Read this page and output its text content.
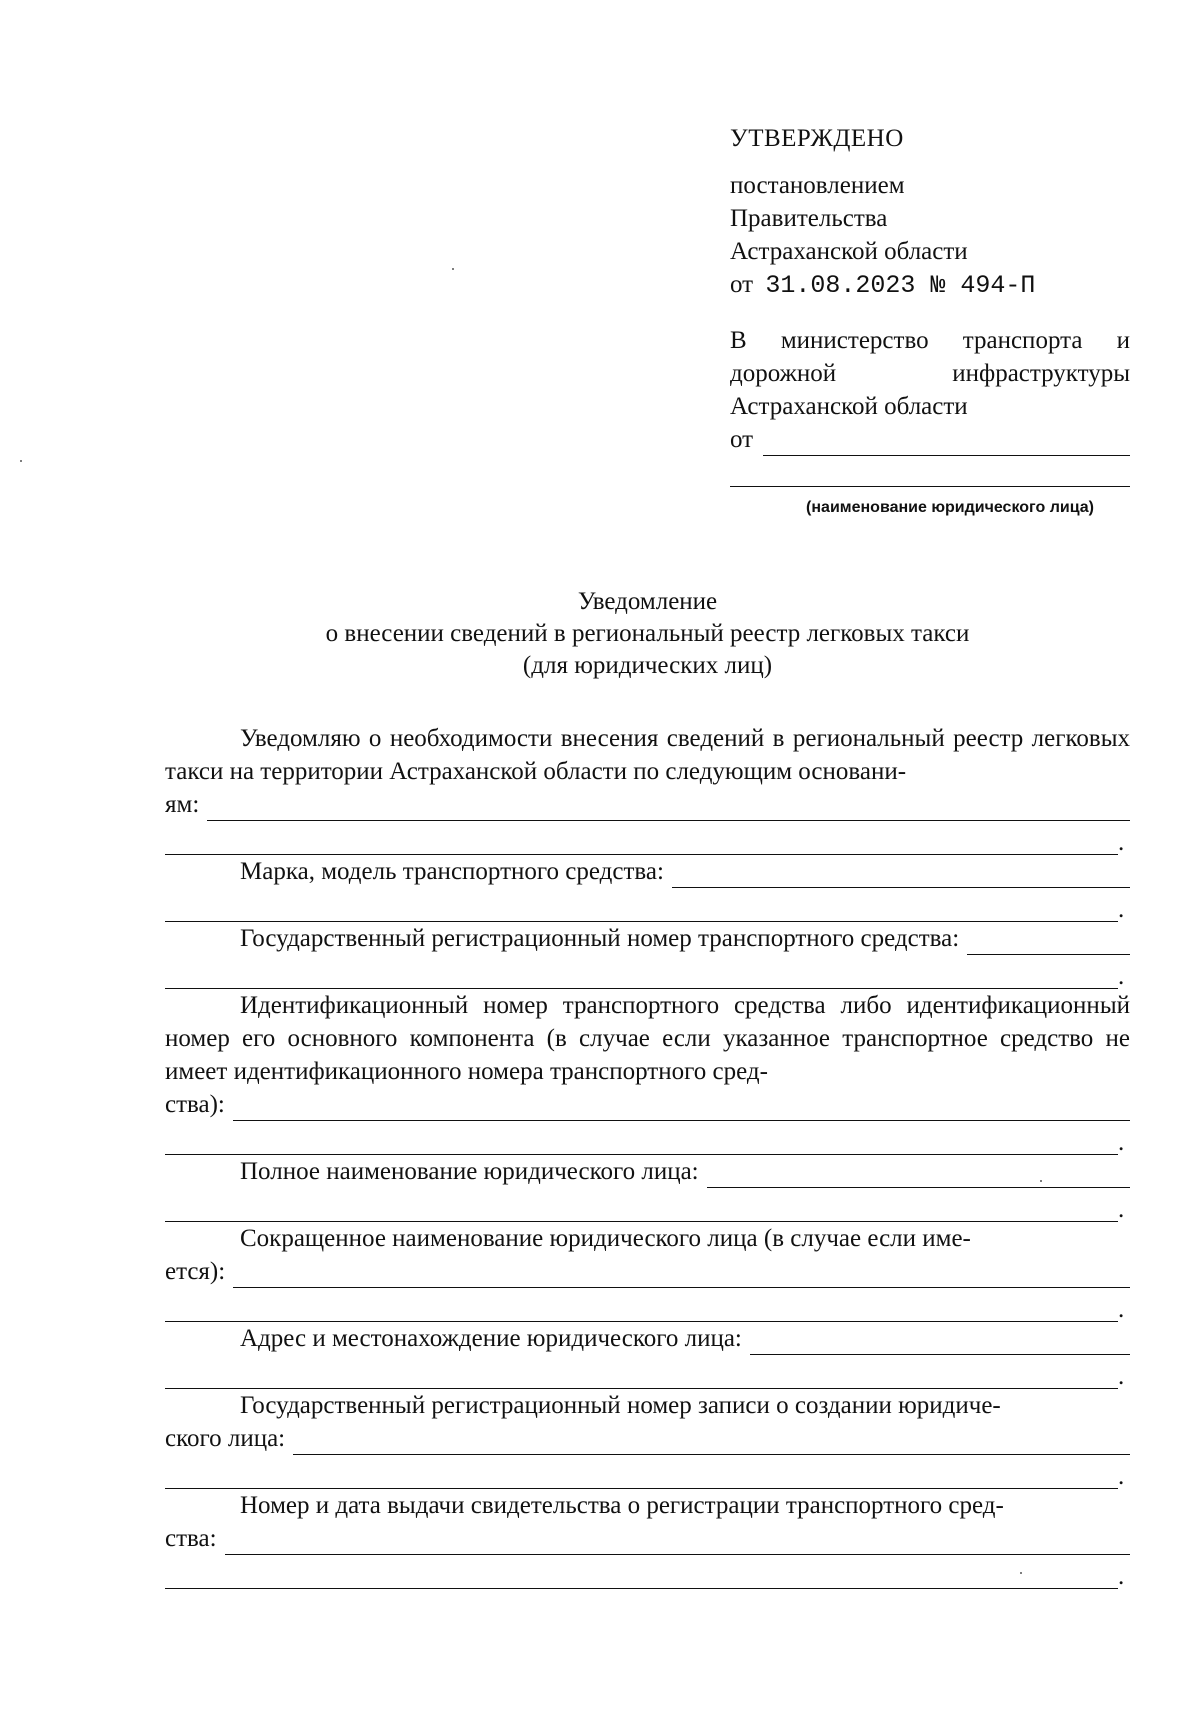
УТВЕРЖДЕНО
постановлением
Правительства
Астраханской области
от 31.08.2023 № 494-П
В министерство транспорта и дорожной инфраструктуры Астраханской области
от
(наименование юридического лица)
Уведомление
о внесении сведений в региональный реестр легковых такси
(для юридических лиц)
Уведомляю о необходимости внесения сведений в региональный реестр легковых такси на территории Астраханской области по следующим основани-
ям:
.
Марка, модель транспортного средства:
.
Государственный регистрационный номер транспортного средства:
.
Идентификационный номер транспортного средства либо идентификационный номер его основного компонента (в случае если указанное транспортное средство не имеет идентификационного номера транспортного сред-
ства):
.
Полное наименование юридического лица:
.
Сокращенное наименование юридического лица (в случае если име-
ется):
.
Адрес и местонахождение юридического лица:
.
Государственный регистрационный номер записи о создании юридиче-
ского лица:
.
Номер и дата выдачи свидетельства о регистрации транспортного сред-
ства:
.
